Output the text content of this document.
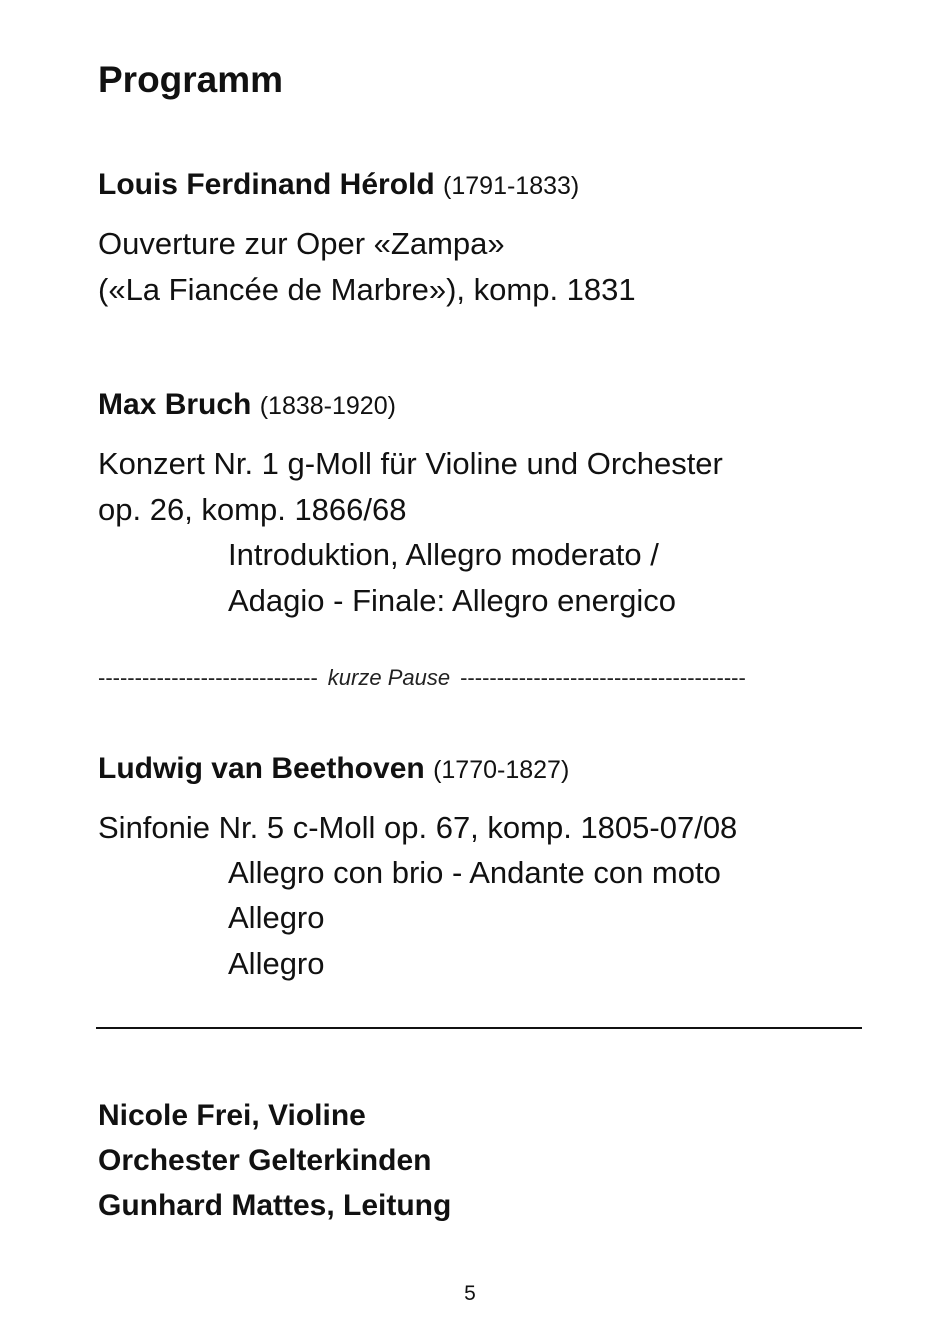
Programm
Louis Ferdinand Hérold (1791-1833)
Ouverture zur Oper «Zampa»
(«La Fiancée de Marbre»), komp. 1831
Max Bruch (1838-1920)
Konzert Nr. 1 g-Moll für Violine und Orchester
op. 26, komp. 1866/68
Introduktion, Allegro moderato /
Adagio - Finale: Allegro energico
------------------------------ kurze Pause ---------------------------------------
Ludwig van Beethoven (1770-1827)
Sinfonie Nr. 5 c-Moll op. 67, komp. 1805-07/08
Allegro con brio - Andante con moto
Allegro
Allegro
Nicole Frei, Violine
Orchester Gelterkinden
Gunhard Mattes, Leitung
5
